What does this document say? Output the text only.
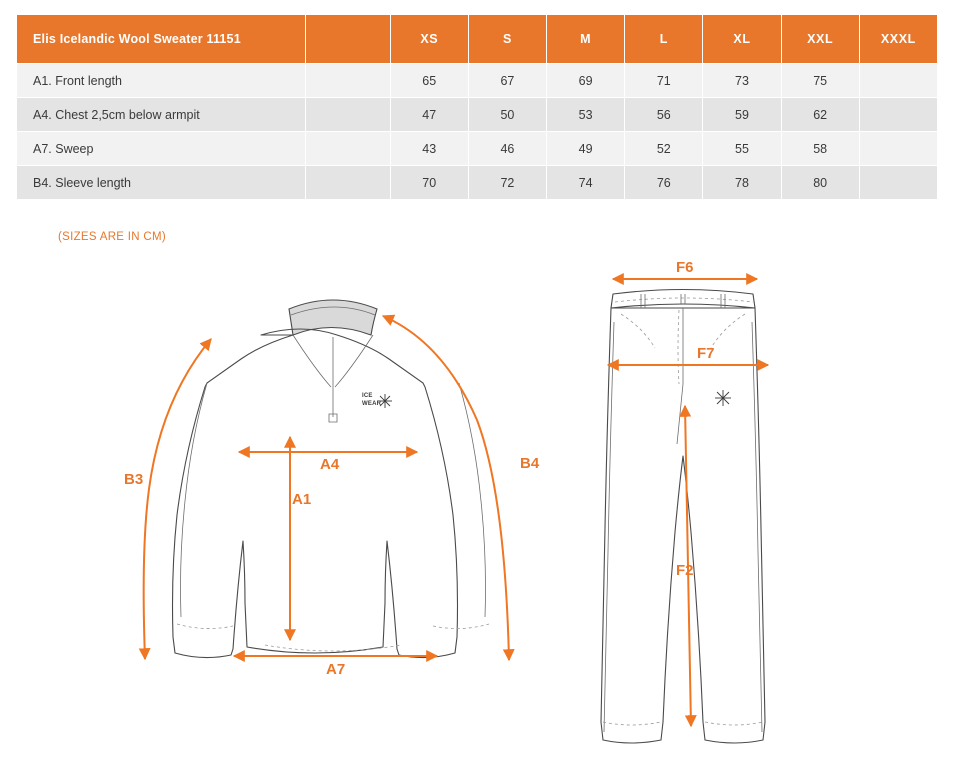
Elis Icelandic Wool Sweater 11151		XS	S	M	L	XL	XXL	XXXL
A1. Front length		65	67	69	71	73	75	
A4. Chest 2,5cm below armpit		47	50	53	56	59	62	
A7. Sweep		43	46	49	52	55	58	
B4. Sleeve length		70	72	74	76	78	80	
(SIZES ARE IN CM)
ICE
WEAR
B3
B4
A4
A1
A7
F6
F7
F2
